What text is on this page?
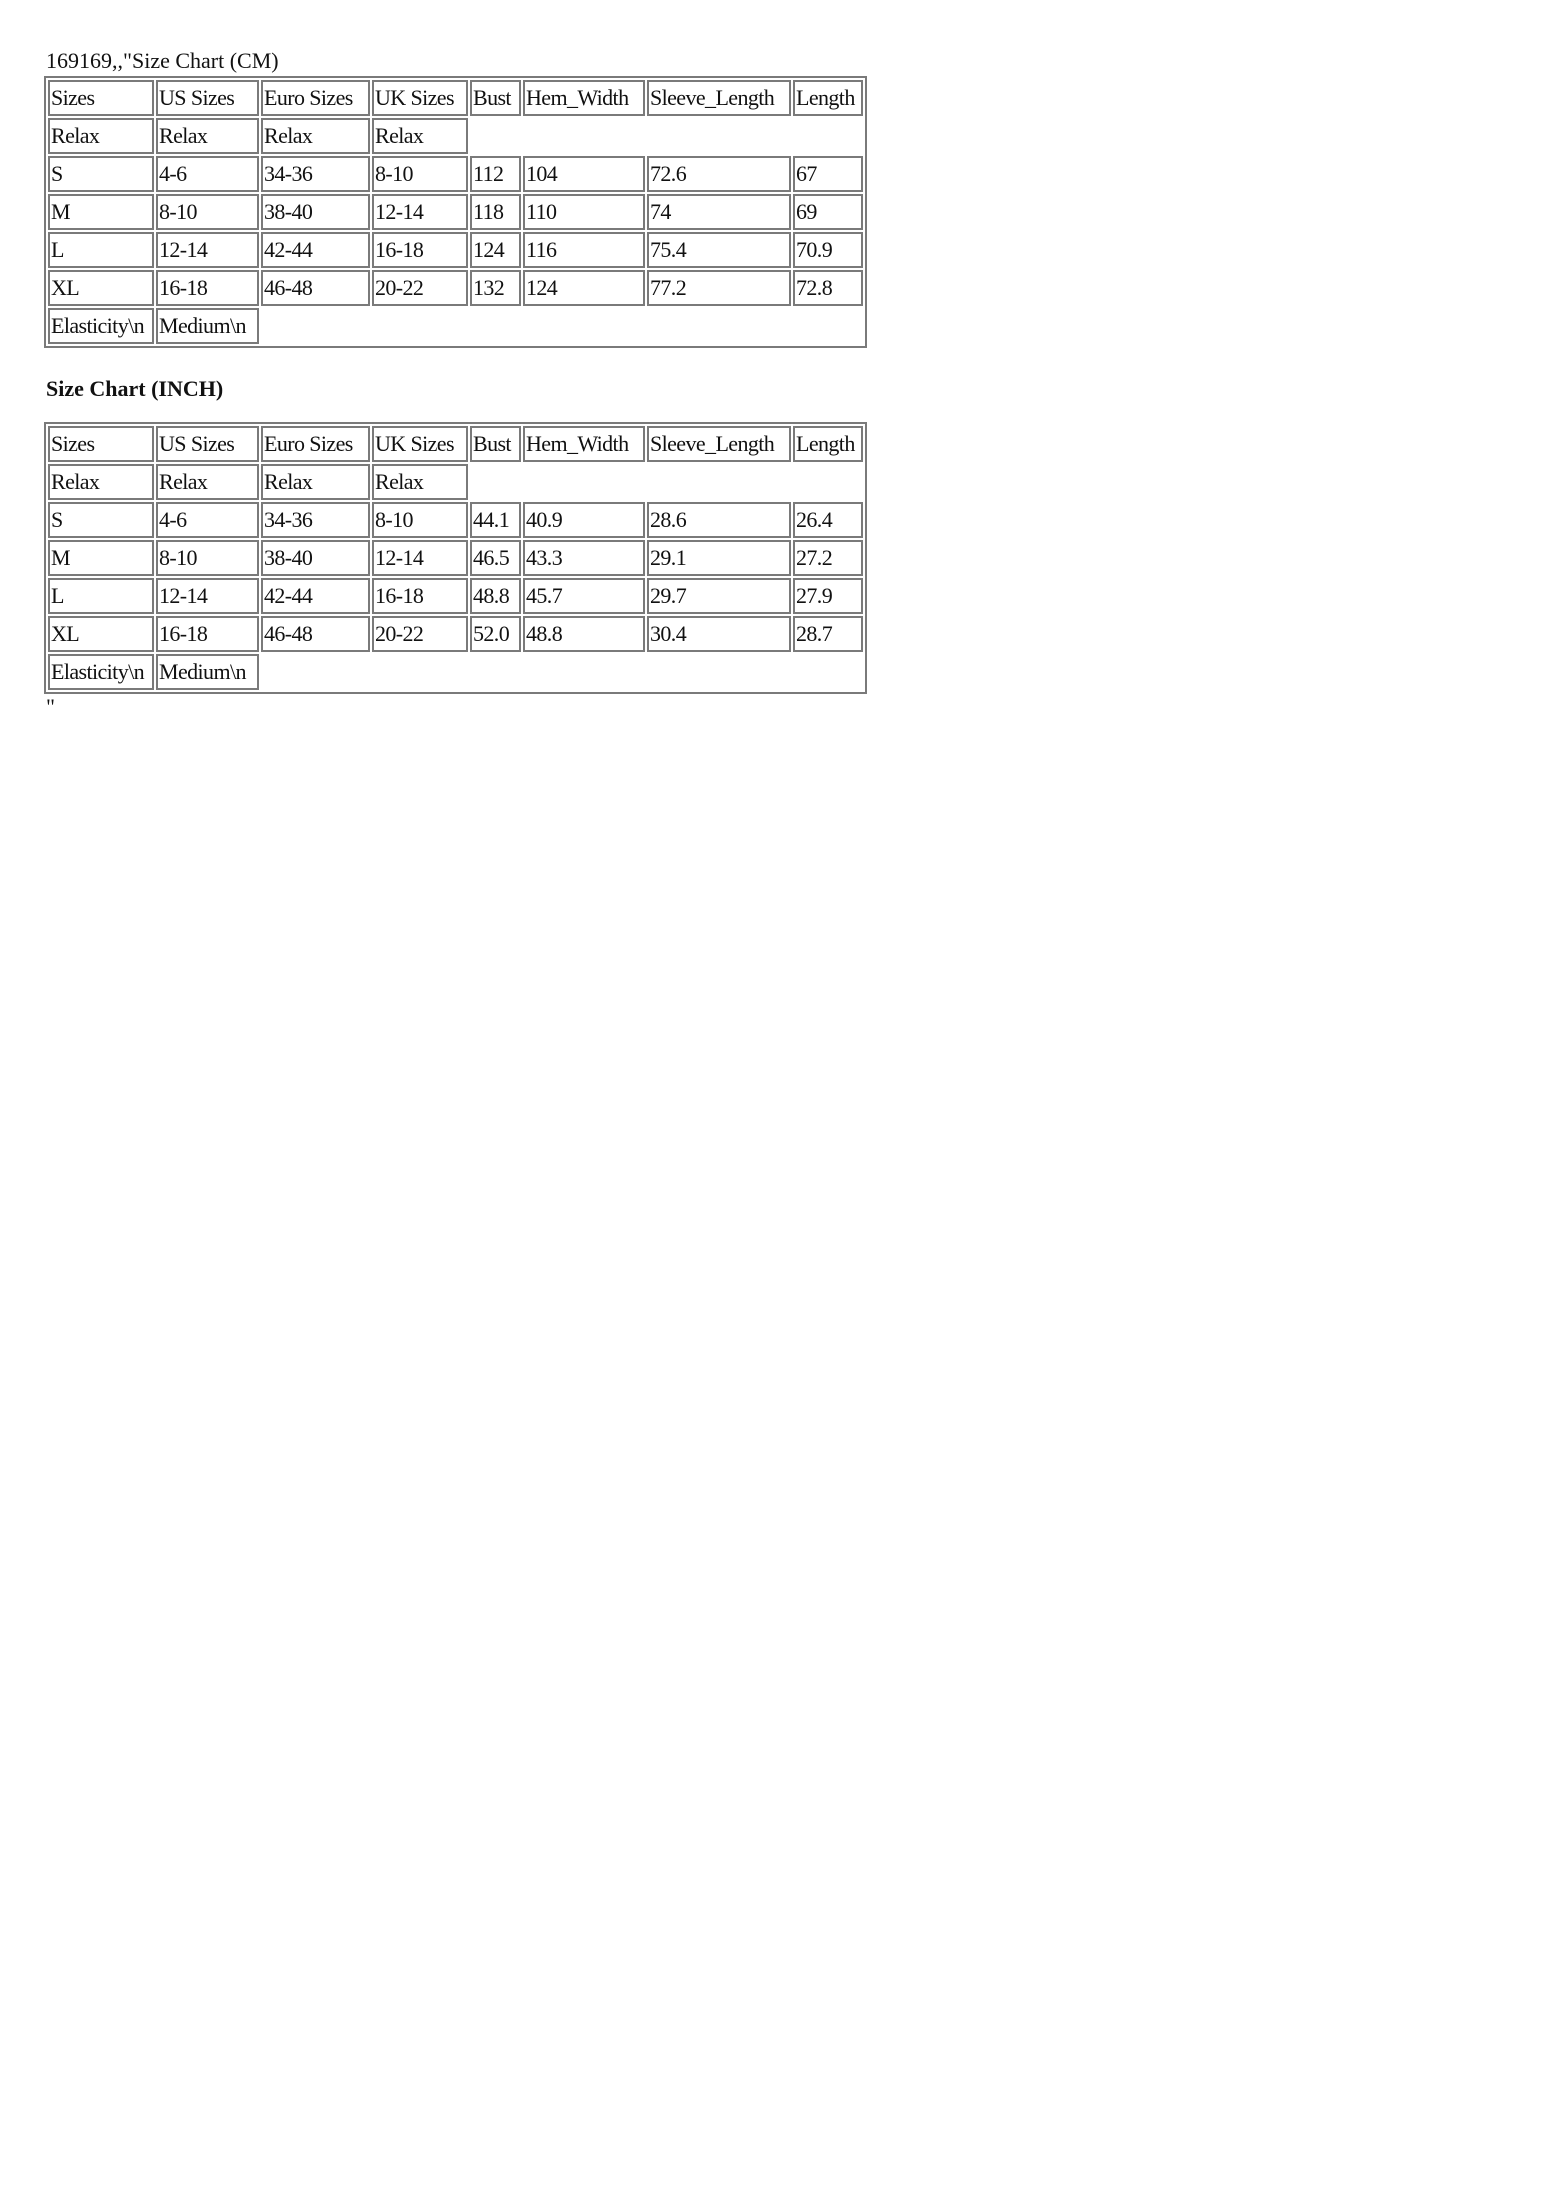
169169,,"Size Chart (CM)
Sizes	US Sizes	Euro Sizes	UK Sizes	Bust	Hem_Width	Sleeve_Length	Length
Relax	Relax	Relax	Relax				
S	4-6	34-36	8-10	112	104	72.6	67
M	8-10	38-40	12-14	118	110	74	69
L	12-14	42-44	16-18	124	116	75.4	70.9
XL	16-18	46-48	20-22	132	124	77.2	72.8
Elasticity\n	Medium\n						
Size Chart (INCH)
Sizes	US Sizes	Euro Sizes	UK Sizes	Bust	Hem_Width	Sleeve_Length	Length
Relax	Relax	Relax	Relax				
S	4-6	34-36	8-10	44.1	40.9	28.6	26.4
M	8-10	38-40	12-14	46.5	43.3	29.1	27.2
L	12-14	42-44	16-18	48.8	45.7	29.7	27.9
XL	16-18	46-48	20-22	52.0	48.8	30.4	28.7
Elasticity\n	Medium\n						
"
